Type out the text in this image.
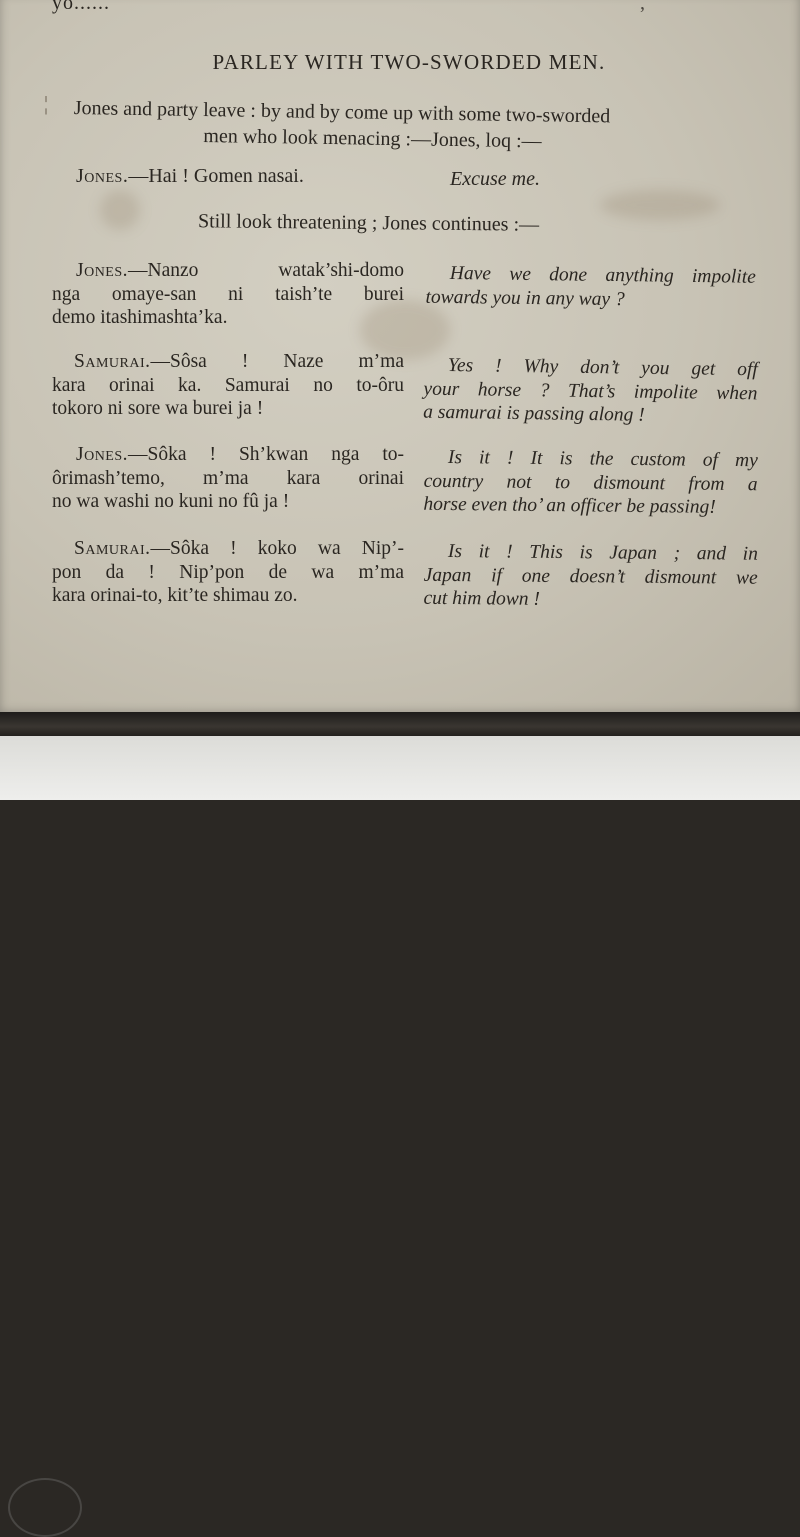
yo......	,
PARLEY WITH TWO-SWORDED MEN.
¦ Jones and party leave : by and by come up with some two-sworded
men who look menacing :—Jones, loq :—
Jones.—Hai ! Gomen nasai.	Excuse me.
Still look threatening ; Jones continues :—
Jones.—Nanzo watak’shi-domo
nga omaye-san ni taish’te burei
demo itashimashta’ka.
Have we done anything impolite
towards you in any way ?
Samurai.—Sôsa ! Naze m’ma
kara orinai ka. Samurai no to-ôru
tokoro ni sore wa burei ja !
Yes ! Why don’t you get off
your horse ? That’s impolite when
a samurai is passing along !
Jones.—Sôka ! Sh’kwan nga to-
ôrimash’temo, m’ma kara orinai
no wa washi no kuni no fû ja !
Is it ! It is the custom of my
country not to dismount from a
horse even tho’ an officer be passing!
Samurai.—Sôka ! koko wa Nip’-
pon da ! Nip’pon de wa m’ma
kara orinai-to, kit’te shimau zo.
Is it ! This is Japan ; and in
Japan if one doesn’t dismount we
cut him down !
